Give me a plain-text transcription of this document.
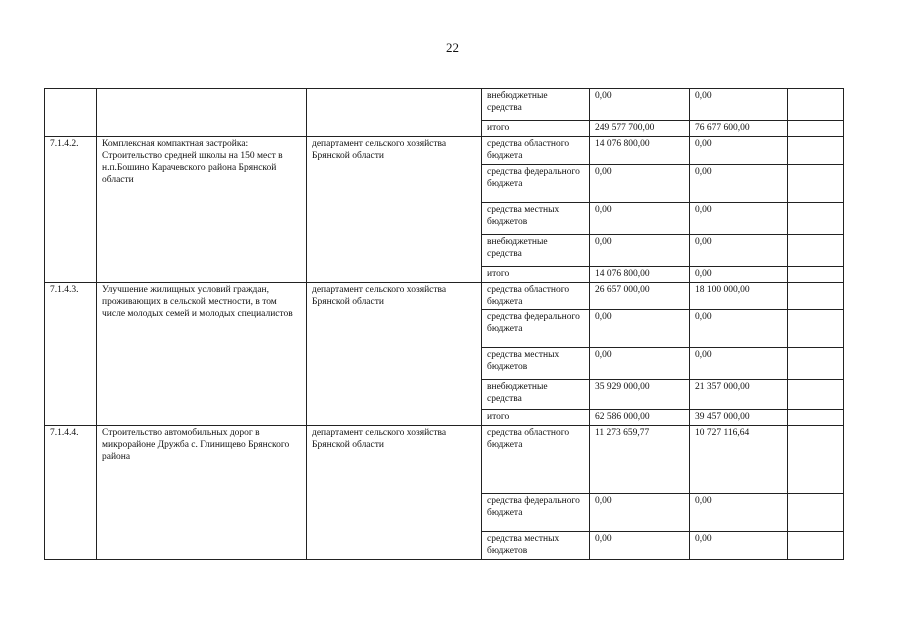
22
			внебюджетные средства	0,00	0,00	
			итого	249 577 700,00	76 677 600,00	
7.1.4.2.	Комплексная компактная застройка: Строительство средней школы на 150 мест в н.п.Бошино Карачевского района Брянской области	департамент сельского хозяйства Брянской области	средства областного бюджета	14 076 800,00	0,00	
			средства федерального бюджета	0,00	0,00	
			средства местных бюджетов	0,00	0,00	
			внебюджетные средства	0,00	0,00	
			итого	14 076 800,00	0,00	
7.1.4.3.	Улучшение жилищных условий граждан, проживающих в сельской местности, в том числе молодых семей и молодых специалистов	департамент сельского хозяйства Брянской области	средства областного бюджета	26 657 000,00	18 100 000,00	
			средства федерального бюджета	0,00	0,00	
			средства местных бюджетов	0,00	0,00	
			внебюджетные средства	35 929 000,00	21 357 000,00	
			итого	62 586 000,00	39 457 000,00	
7.1.4.4.	Строительство автомобильных дорог в микрорайоне Дружба с. Глинищево Брянского района	департамент сельского хозяйства Брянской области	средства областного бюджета	11 273 659,77	10 727 116,64	
			средства федерального бюджета	0,00	0,00	
			средства местных бюджетов	0,00	0,00	
